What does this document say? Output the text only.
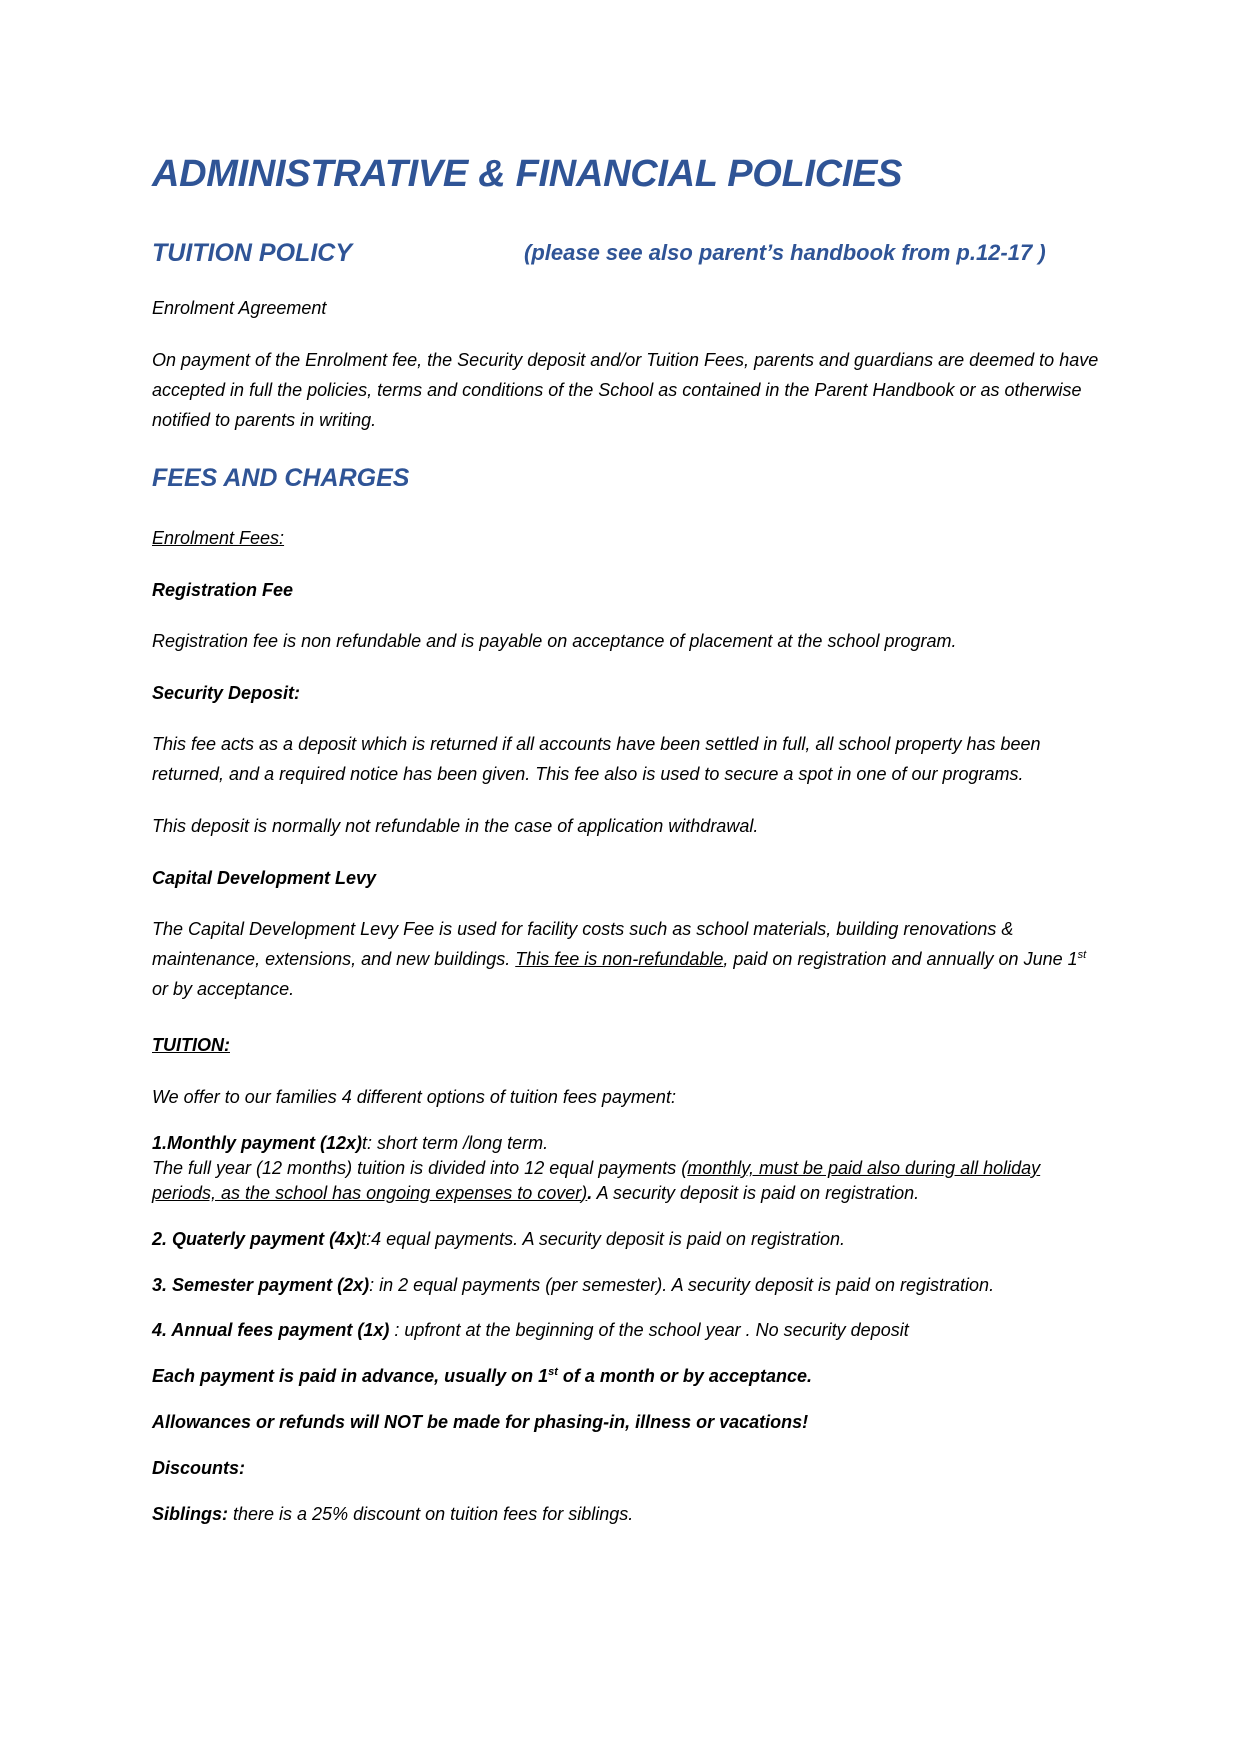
ADMINISTRATIVE & FINANCIAL POLICIES
TUITION POLICY	(please see also parent’s handbook from p.12-17 )
Enrolment Agreement
On payment of the Enrolment fee, the Security deposit and/or Tuition Fees, parents and guardians are deemed to have accepted in full the policies, terms and conditions of the School as contained in the Parent Handbook or as otherwise notified to parents in writing.
FEES AND CHARGES
Enrolment Fees:
Registration Fee
Registration fee is non refundable and is payable on acceptance of placement at the school program.
Security Deposit:
This fee acts as a deposit which is returned if all accounts have been settled in full, all school property has been returned, and a required notice has been given. This fee also is used to secure a spot in one of our programs.
This deposit is normally not refundable in the case of application withdrawal.
Capital Development Levy
The Capital Development Levy Fee is used for facility costs such as school materials, building renovations & maintenance, extensions, and new buildings. This fee is non-refundable, paid on registration and annually on June 1st or by acceptance.
TUITION:
We offer to our families 4 different options of tuition fees payment:
1.Monthly payment (12x)t: short term /long term.
The full year (12 months) tuition is divided into 12 equal payments (monthly, must be paid also during all holiday periods, as the school has ongoing expenses to cover). A security deposit is paid on registration.
2. Quaterly payment (4x)t:4 equal payments. A security deposit is paid on registration.
3. Semester payment (2x): in 2 equal payments (per semester). A security deposit is paid on registration.
4. Annual fees payment (1x) : upfront at the beginning of the school year . No security deposit
Each payment is paid in advance, usually on 1st of a month or by acceptance.
Allowances or refunds will NOT be made for phasing-in, illness or vacations!
Discounts:
Siblings: there is a 25% discount on tuition fees for siblings.
